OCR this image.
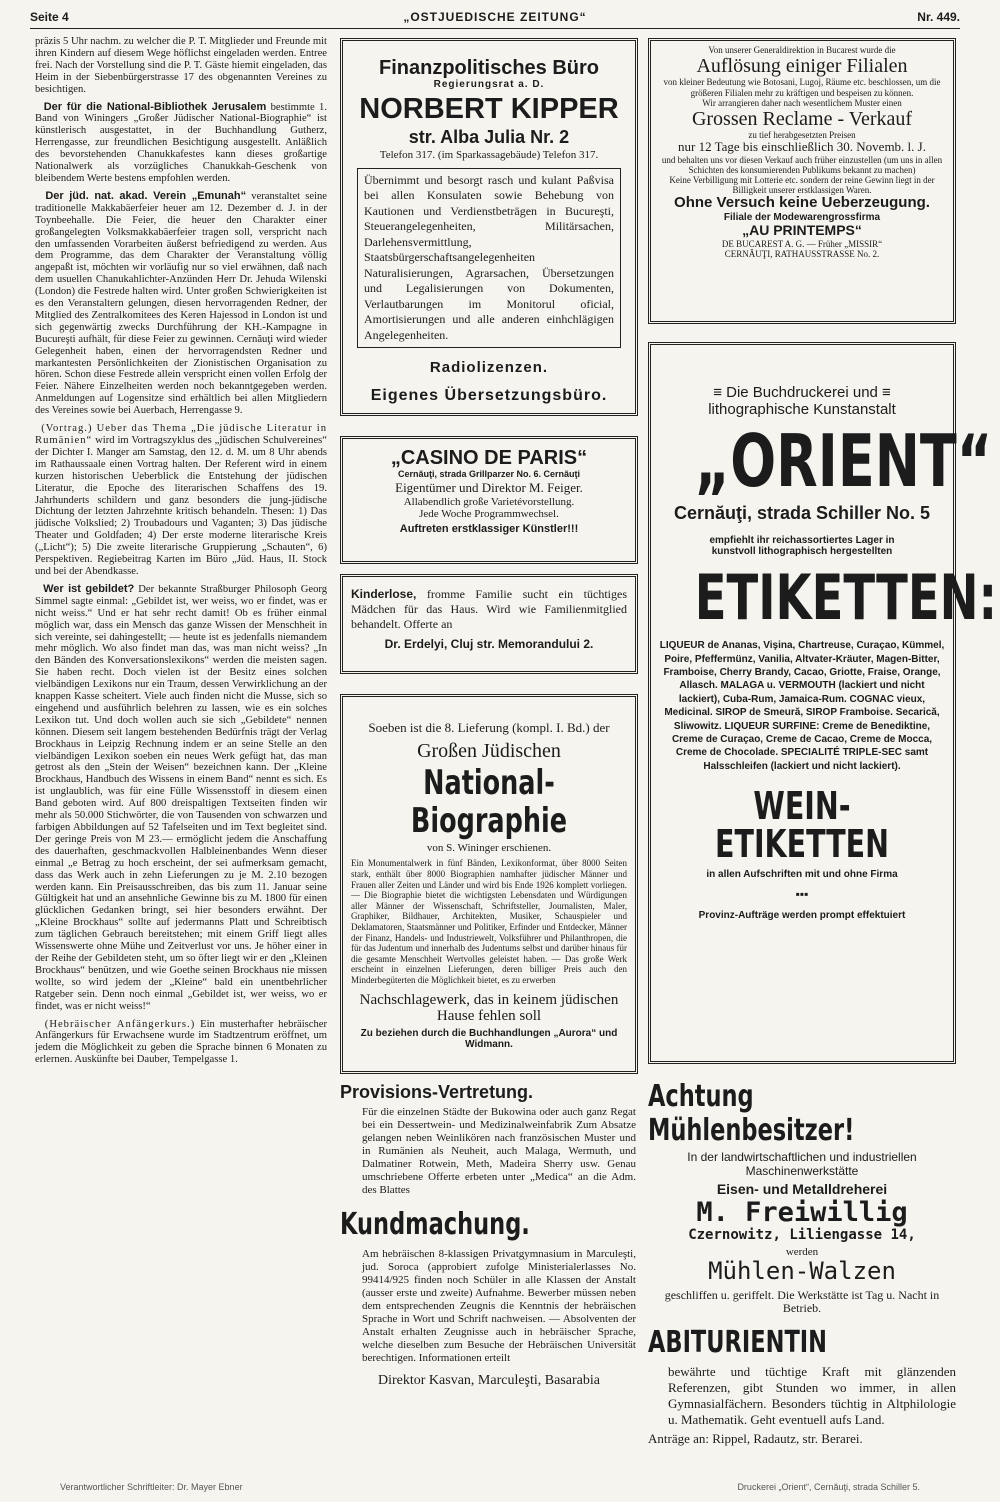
Seite 4	„OSTJUEDISCHE ZEITUNG“	Nr. 449.

präzis 5 Uhr nachm. zu welcher die P. T. Mitglieder und Freunde mit ihren Kindern auf diesem Wege höflichst eingeladen werden. Entree frei. Nach der Vorstellung sind die P. T. Gäste hiemit eingeladen, das Heim in der Siebenbürgerstrasse 17 des obgenannten Vereines zu besichtigen.

Der für die National-Bibliothek Jerusalem bestimmte 1. Band von Winingers „Großer Jüdischer National-Biographie“ ist künstlerisch ausgestattet, in der Buchhandlung Gutherz, Herrengasse, zur freundlichen Besichtigung ausgestellt. Anläßlich des bevorstehenden Chanukkafestes kann dieses großartige Nationalwerk als vorzügliches Chanukkah-Geschenk von bleibendem Werte bestens empfohlen werden.

Der jüd. nat. akad. Verein „Emunah“ veranstaltet seine traditionelle Makkabäerfeier heuer am 12. Dezember d. J. in der Toynbeehalle. Die Feier, die heuer den Charakter einer großangelegten Volksmakkabäerfeier tragen soll, verspricht nach den umfassenden Vorarbeiten äußerst befriedigend zu werden. Aus dem Programme, das dem Charakter der Veranstaltung völlig angepaßt ist, möchten wir vorläufig nur so viel erwähnen, daß nach dem usuellen Chanukahlichter-Anzünden Herr Dr. Jehuda Wilenski (London) die Festrede halten wird. Unter großen Schwierigkeiten ist es den Veranstaltern gelungen, diesen hervorragenden Redner, der Mitglied des Zentralkomitees des Keren Hajessod in London ist und sich gegenwärtig zwecks Durchführung der KH.-Kampagne in Bucureşti aufhält, für diese Feier zu gewinnen. Cernăuţi wird wieder Gelegenheit haben, einen der hervorragendsten Redner und markantesten Persönlichkeiten der Zionistischen Organisation zu hören. Schon diese Festrede allein verspricht einen vollen Erfolg der Feier. Nähere Einzelheiten werden noch bekanntgegeben werden. Anmeldungen auf Logensitze sind erhältlich bei allen Mitgliedern des Vereines sowie bei Auerbach, Herrengasse 9.

(Vortrag.) Ueber das Thema „Die jüdische Literatur in Rumänien“ wird im Vortragszyklus des „jüdischen Schulvereines“ der Dichter I. Manger am Samstag, den 12. d. M. um 8 Uhr abends im Rathaussaale einen Vortrag halten. Der Referent wird in einem kurzen historischen Ueberblick die Entstehung der jüdischen Literatur, die Epoche des literarischen Schaffens des 19. Jahrhunderts schildern und ganz besonders die jung-jüdische Dichtung der letzten Jahrzehnte kritisch behandeln. Thesen: 1) Das jüdische Volkslied; 2) Troubadours und Vaganten; 3) Das jüdische Theater und Goldfaden; 4) Der erste moderne literarische Kreis („Licht“); 5) Die zweite literarische Gruppierung „Schauten“, 6) Perspektiven. Regiebeitrag Karten im Büro „Jüd. Haus, II. Stock und bei der Abendkasse.

Wer ist gebildet? Der bekannte Straßburger Philosoph Georg Simmel sagte einmal: „Gebildet ist, wer weiss, wo er findet, was er nicht weiss.“ Und er hat sehr recht damit! Ob es früher einmal möglich war, dass ein Mensch das ganze Wissen der Menschheit in sich vereinte, sei dahingestellt; — heute ist es jedenfalls niemandem mehr möglich. Wo also findet man das, was man nicht weiss? „In den Bänden des Konversationslexikons“ werden die meisten sagen. Sie haben recht. Doch vielen ist der Besitz eines solchen vielbändigen Lexikons nur ein Traum, dessen Verwirklichung an der knappen Kasse scheitert. Viele auch finden nicht die Musse, sich so eingehend und ausführlich belehren zu lassen, wie es ein solches Lexikon tut. Und doch wollen auch sie sich „Gebildete“ nennen können. Diesem seit langem bestehenden Bedürfnis trägt der Verlag Brockhaus in Leipzig Rechnung indem er an seine Stelle an den vielbändigen Lexikon soeben ein neues Werk gefügt hat, das man getrost als den „Stein der Weisen“ bezeichnen kann. Der „Kleine Brockhaus, Handbuch des Wissens in einem Band“ nennt es sich. Es ist unglaublich, was für eine Fülle Wissensstoff in diesem einen Band geboten wird. Auf 800 dreispaltigen Textseiten finden wir mehr als 50.000 Stichwörter, die von Tausenden von schwarzen und farbigen Abbildungen auf 52 Tafelseiten und im Text begleitet sind. Der geringe Preis von M 23.— ermöglicht jedem die Anschaffung des dauerhaften, geschmackvollen Halbleinenbandes Wenn dieser einmal „e Betrag zu hoch erscheint, der sei aufmerksam gemacht, dass das Werk auch in zehn Lieferungen zu je M. 2.10 bezogen werden kann. Ein Preisausschreiben, das bis zum 11. Januar seine Gültigkeit hat und an ansehnliche Gewinne bis zu M. 1800 für einen glücklichen Gedanken bringt, sei hier besonders erwähnt. Der „Kleine Brockhaus“ sollte auf jedermanns Platt und Schreibtisch zum täglichen Gebrauch bereitstehen; mit einem Griff liegt alles Wissenswerte ohne Mühe und Zeitverlust vor uns. Je höher einer in der Reihe der Gebildeten steht, um so öfter liegt wir er den „Kleinen Brockhaus“ benützen, und wie Goethe seinen Brockhaus nie missen wollte, so wird jedem der „Kleine“ bald ein unentbehrlicher Ratgeber sein. Denn noch einmal „Gebildet ist, wer weiss, wo er findet, was er nicht weiss!“

(Hebräischer Anfängerkurs.) Ein musterhafter hebräischer Anfängerkurs für Erwachsene wurde im Stadtzentrum eröffnet, um jedem die Möglichkeit zu geben die Sprache binnen 6 Monaten zu erlernen. Auskünfte bei Dauber, Tempelgasse 1.

Finanzpolitisches Büro

Regierungsrat a. D.

NORBERT KIPPER

str. Alba Julia Nr. 2

Telefon 317. (im Sparkassagebäude) Telefon 317.

Übernimmt und besorgt rasch und kulant Paßvisa bei allen Konsulaten sowie Behebung von Kautionen und Verdienstbeträgen in Bucureşti, Steuerangelegenheiten, Militärsachen, Darlehensvermittlung, Staatsbürgerschaftsangelegenheiten Naturalisierungen, Agrarsachen, Übersetzungen und Legalisierungen von Dokumenten, Verlautbarungen im Monitorul oficial, Amortisierungen und alle anderen einhchlägigen Angelegenheiten.

Radiolizenzen.

Eigenes Übersetzungsbüro.

„CASINO DE PARIS“

Cernăuţi, strada Grillparzer No. 6. Cernăuţi

Eigentümer und Direktor M. Feiger.

Allabendlich große Varietévorstellung.

Jede Woche Programmwechsel.

Auftreten erstklassiger Künstler!!!

Kinderlose, fromme Familie sucht ein tüchtiges Mädchen für das Haus. Wird wie Familienmitglied behandelt. Offerte an

Dr. Erdelyi, Cluj str. Memorandului 2.

Soeben ist die 8. Lieferung (kompl. I. Bd.) der

Großen Jüdischen

National-Biographie

von S. Wininger erschienen.

Ein Monumentalwerk in fünf Bänden, Lexikonformat, über 8000 Seiten stark, enthält über 8000 Biographien namhafter jüdischer Männer und Frauen aller Zeiten und Länder und wird bis Ende 1926 komplett vorliegen. — Die Biographie bietet die wichtigsten Lebensdaten und Würdigungen aller Männer der Wissenschaft, Schriftsteller, Journalisten, Maler, Graphiker, Bildhauer, Architekten, Musiker, Schauspieler und Deklamatoren, Staatsmänner und Politiker, Erfinder und Entdecker, Männer der Finanz, Handels- und Industriewelt, Volksführer und Philanthropen, die für das Judentum und innerhalb des Judentums selbst und darüber hinaus für die gesamte Menschheit Wertvolles geleistet haben. — Das große Werk erscheint in einzelnen Lieferungen, deren billiger Preis auch den Minderbegüterten die Möglichkeit bietet, es zu erwerben

Nachschlagewerk, das in keinem jüdischen

Hause fehlen soll

Zu beziehen durch die Buchhandlungen „Aurora“ und Widmann.

Provisions-Vertretung.

Für die einzelnen Städte der Bukowina oder auch ganz Regat bei ein Dessertwein- und Medizinalweinfabrik Zum Absatze gelangen neben Weinlikören nach französischen Muster und in Rumänien als Neuheit, auch Malaga, Wermuth, und Dalmatiner Rotwein, Meth, Madeira Sherry usw. Genau umschriebene Offerte erbeten unter „Medica“ an die Adm. des Blattes

Kundmachung.

Am hebräischen 8-klassigen Privatgymnasium in Marculeşti, jud. Soroca (approbiert zufolge Ministerialerlasses No. 99414/925 finden noch Schüler in alle Klassen der Anstalt (ausser erste und zweite) Aufnahme. Bewerber müssen neben dem entsprechenden Zeugnis die Kenntnis der hebräischen Sprache in Wort und Schrift nachweisen. — Absolventen der Anstalt erhalten Zeugnisse auch in hebräischer Sprache, welche dieselben zum Besuche der Hebräischen Universität berechtigen. Informationen erteilt

Direktor Kasvan, Marculeşti, Basarabia

Von unserer Generaldirektion in Bucarest wurde die

Auflösung einiger Filialen

von kleiner Bedeutung wie Botosani, Lugoj, Räume etc. beschlossen, um die größeren Filialen mehr zu kräftigen und bespeisen zu können.

Wir arrangieren daher nach wesentlichem Muster einen

Grossen Reclame - Verkauf

zu tief herabgesetzten Preisen

nur 12 Tage bis einschließlich 30. Novemb. l. J.

und behalten uns vor diesen Verkauf auch früher einzustellen (um uns in allen Schichten des konsumierenden Publikums bekannt zu machen)

Keine Verbilligung mit Lotterie etc. sondern der reine Gewinn liegt in der Billigkeit unserer erstklassigen Waren.

Ohne Versuch keine Ueberzeugung.

Filiale der Modewarengrossfirma

„AU PRINTEMPS“

DE BUCAREST A. G. — Früher „MISSIR“

CERNĂUŢI, RATHAUSSTRASSE No. 2.

≡ Die Buchdruckerei und ≡

lithographische Kunstanstalt

„ORIENT“

Cernăuţi, strada Schiller No. 5

empfiehlt ihr reichassortiertes Lager in

kunstvoll lithographisch hergestellten

ETIKETTEN:

LIQUEUR de Ananas, Vişina, Chartreuse, Curaçao, Kümmel, Poire, Pfeffermünz, Vanilia, Altvater-Kräuter, Magen-Bitter, Framboise, Cherry Brandy, Cacao, Griotte, Fraise, Orange, Allasch. MALAGA u. VERMOUTH (lackiert und nicht lackiert), Cuba-Rum, Jamaica-Rum. COGNAC vieux, Medicinal. SIROP de Smeură, SIROP Framboise. Secarică, Sliwowitz. LIQUEUR SURFINE: Creme de Benediktine, Creme de Curaçao, Creme de Cacao, Creme de Mocca, Creme de Chocolade. SPECIALITÉ TRIPLE-SEC samt Halsschleifen (lackiert und nicht lackiert).

WEIN-ETIKETTEN

in allen Aufschriften mit und ohne Firma

▪▪▪

Provinz-Aufträge werden prompt effektuiert

Achtung Mühlenbesitzer!

In der landwirtschaftlichen und industriellen Maschinenwerkstätte

Eisen- und Metalldreherei

M. Freiwillig

Czernowitz, Liliengasse 14,

werden

Mühlen-Walzen

geschliffen u. geriffelt. Die Werkstätte ist Tag u. Nacht in Betrieb.

ABITURIENTIN

bewährte und tüchtige Kraft mit glänzenden Referenzen, gibt Stunden wo immer, in allen Gymnasialfächern. Besonders tüchtig in Altphilologie u. Mathematik. Geht eventuell aufs Land.

Anträge an: Rippel, Radautz, str. Berarei.

Verantwortlicher Schriftleiter: Dr. Mayer Ebner	Druckerei „Orient“, Cernăuţi, strada Schiller 5.
